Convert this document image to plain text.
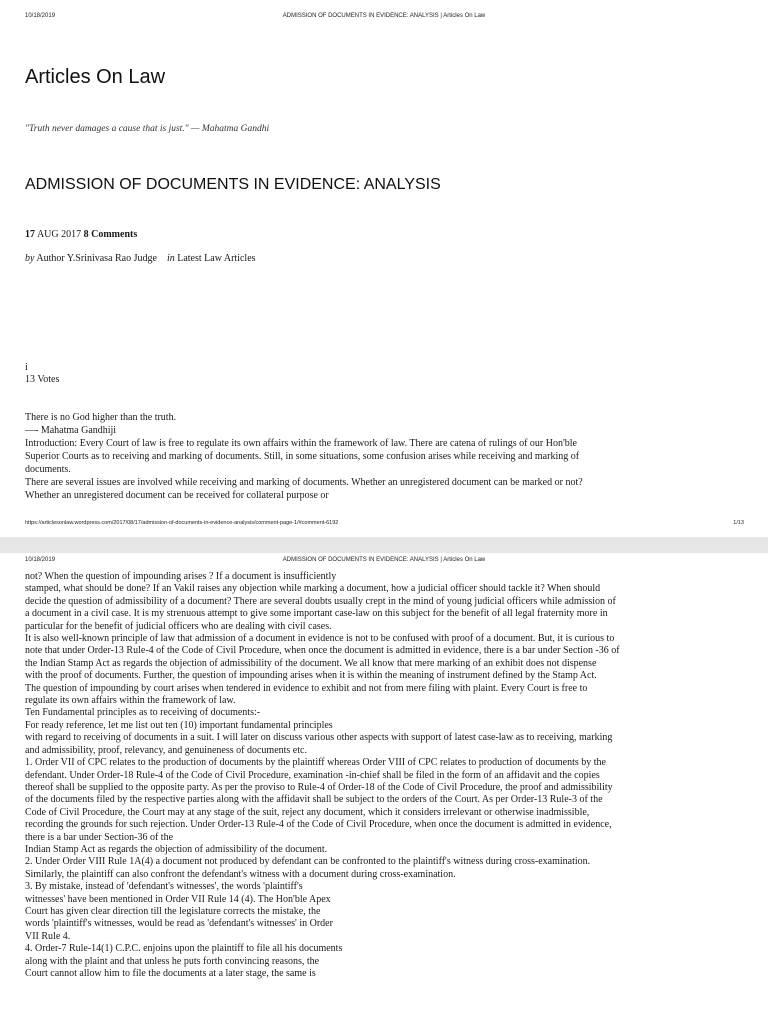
10/18/2019	ADMISSION OF DOCUMENTS IN EVIDENCE: ANALYSIS | Articles On Law
Articles On Law
"Truth never damages a cause that is just." — Mahatma Gandhi
ADMISSION OF DOCUMENTS IN EVIDENCE: ANALYSIS
17 AUG 2017 8 Comments
by Author Y.Srinivasa Rao Judge in Latest Law Articles
i
13 Votes
There is no God higher than the truth.
—- Mahatma Gandhiji
Introduction: Every Court of law is free to regulate its own affairs within the framework of law. There are catena of rulings of our Hon'ble
Superior Courts as to receiving and marking of documents. Still, in some situations, some confusion arises while receiving and marking of
documents.
There are several issues are involved while receiving and marking of documents. Whether an unregistered document can be marked or not?
Whether an unregistered document can be received for collateral purpose or
https://articlesonlaw.wordpress.com/2017/08/17/admission-of-documents-in-evidence-analysis/comment-page-1/#comment-6192	1/13
10/18/2019	ADMISSION OF DOCUMENTS IN EVIDENCE: ANALYSIS | Articles On Law
not? When the question of impounding arises ? If a document is insufficiently
stamped, what should be done? If an Vakil raises any objection while marking a document, how a judicial officer should tackle it? When should
decide the question of admissibility of a document? There are several doubts usually crept in the mind of young judicial officers while admission of
a document in a civil case. It is my strenuous attempt to give some important case-law on this subject for the benefit of all legal fraternity more in
particular for the benefit of judicial officers who are dealing with civil cases.
It is also well-known principle of law that admission of a document in evidence is not to be confused with proof of a document. But, it is curious to
note that under Order-13 Rule-4 of the Code of Civil Procedure, when once the document is admitted in evidence, there is a bar under Section -36 of
the Indian Stamp Act as regards the objection of admissibility of the document. We all know that mere marking of an exhibit does not dispense
with the proof of documents. Further, the question of impounding arises when it is within the meaning of instrument defined by the Stamp Act.
The question of impounding by court arises when tendered in evidence to exhibit and not from mere filing with plaint. Every Court is free to
regulate its own affairs within the framework of law.
Ten Fundamental principles as to receiving of documents:-
For ready reference, let me list out ten (10) important fundamental principles
with regard to receiving of documents in a suit. I will later on discuss various other aspects with support of latest case-law as to receiving, marking
and admissibility, proof, relevancy, and genuineness of documents etc.
1. Order VII of CPC relates to the production of documents by the plaintiff whereas Order VIII of CPC relates to production of documents by the
defendant. Under Order-18 Rule-4 of the Code of Civil Procedure, examination -in-chief shall be filed in the form of an affidavit and the copies
thereof shall be supplied to the opposite party. As per the proviso to Rule-4 of Order-18 of the Code of Civil Procedure, the proof and admissibility
of the documents filed by the respective parties along with the affidavit shall be subject to the orders of the Court. As per Order-13 Rule-3 of the
Code of Civil Procedure, the Court may at any stage of the suit, reject any document, which it considers irrelevant or otherwise inadmissible,
recording the grounds for such rejection. Under Order-13 Rule-4 of the Code of Civil Procedure, when once the document is admitted in evidence,
there is a bar under Section-36 of the
Indian Stamp Act as regards the objection of admissibility of the document.
2. Under Order VIII Rule 1A(4) a document not produced by defendant can be confronted to the plaintiff's witness during cross-examination.
Similarly, the plaintiff can also confront the defendant's witness with a document during cross-examination.
3. By mistake, instead of 'defendant's witnesses', the words 'plaintiff's
witnesses' have been mentioned in Order VII Rule 14 (4). The Hon'ble Apex
Court has given clear direction till the legislature corrects the mistake, the
words 'plaintiff's witnesses, would be read as 'defendant's witnesses' in Order
VII Rule 4.
4. Order-7 Rule-14(1) C.P.C. enjoins upon the plaintiff to file all his documents
along with the plaint and that unless he puts forth convincing reasons, the
Court cannot allow him to file the documents at a later stage, the same is
